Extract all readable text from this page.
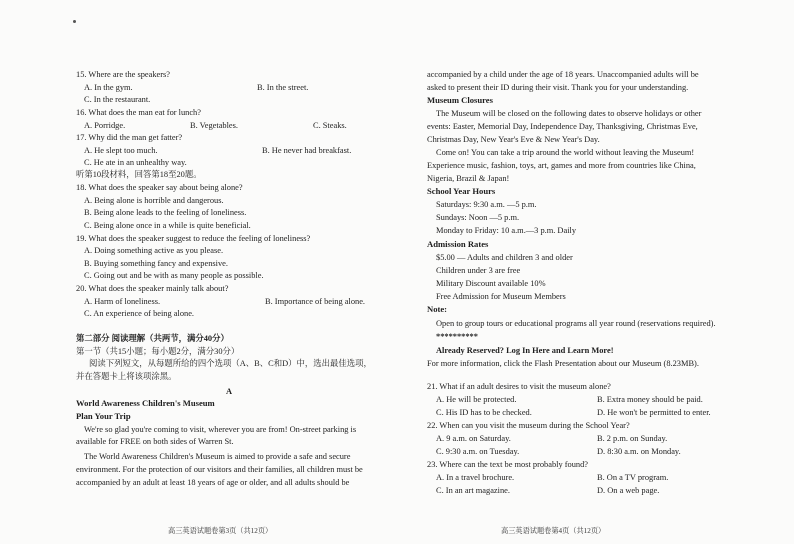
15. Where are the speakers?
A. In the gym.	B. In the street.
C. In the restaurant.
16. What does the man eat for lunch?
A. Porridge.	B. Vegetables.	C. Steaks.
17. Why did the man get fatter?
A. He slept too much.	B. He never had breakfast.
C. He ate in an unhealthy way.
听第10段材料，回答第18至20题。
18. What does the speaker say about being alone?
A. Being alone is horrible and dangerous.
B. Being alone leads to the feeling of loneliness.
C. Being alone once in a while is quite beneficial.
19. What does the speaker suggest to reduce the feeling of loneliness?
A. Doing something active as you please.
B. Buying something fancy and expensive.
C. Going out and be with as many people as possible.
20. What does the speaker mainly talk about?
A. Harm of loneliness.	B. Importance of being alone.
C. An experience of being alone.
第二部分 阅读理解（共两节，满分40分）
第一节（共15小题；每小题2分，满分30分）
阅读下列短文，从每题所给的四个选项（A、B、C和D）中，选出最佳选项，
并在答题卡上将该项涂黑。
A
World Awareness Children's Museum
Plan Your Trip
We're so glad you're coming to visit, wherever you are from! On-street parking is
available for FREE on both sides of Warren St.
The World Awareness Children's Museum is aimed to provide a safe and secure
environment. For the protection of our visitors and their families, all children must be
accompanied by an adult at least 18 years of age or older, and all adults should be
高三英语试题卷第3页（共12页）
accompanied by a child under the age of 18 years. Unaccompanied adults will be
asked to present their ID during their visit. Thank you for your understanding.
Museum Closures
The Museum will be closed on the following dates to observe holidays or other
events: Easter, Memorial Day, Independence Day, Thanksgiving, Christmas Eve,
Christmas Day, New Year's Eve & New Year's Day.
Come on! You can take a trip around the world without leaving the Museum!
Experience music, fashion, toys, art, games and more from countries like China,
Nigeria, Brazil & Japan!
School Year Hours
Saturdays: 9:30 a.m. —5 p.m.
Sundays: Noon —5 p.m.
Monday to Friday: 10 a.m.—3 p.m. Daily
Admission Rates
$5.00 — Adults and children 3 and older
Children under 3 are free
Military Discount available 10%
Free Admission for Museum Members
Note:
Open to group tours or educational programs all year round (reservations required).
**********
Already Reserved? Log In Here and Learn More!
For more information, click the Flash Presentation about our Museum (8.23MB).
21. What if an adult desires to visit the museum alone?
A. He will be protected.	B. Extra money should be paid.
C. His ID has to be checked.	D. He won't be permitted to enter.
22. When can you visit the museum during the School Year?
A. 9 a.m. on Saturday.	B. 2 p.m. on Sunday.
C. 9:30 a.m. on Tuesday.	D. 8:30 a.m. on Monday.
23. Where can the text be most probably found?
A. In a travel brochure.	B. On a TV program.
C. In an art magazine.	D. On a web page.
高三英语试题卷第4页（共12页）
